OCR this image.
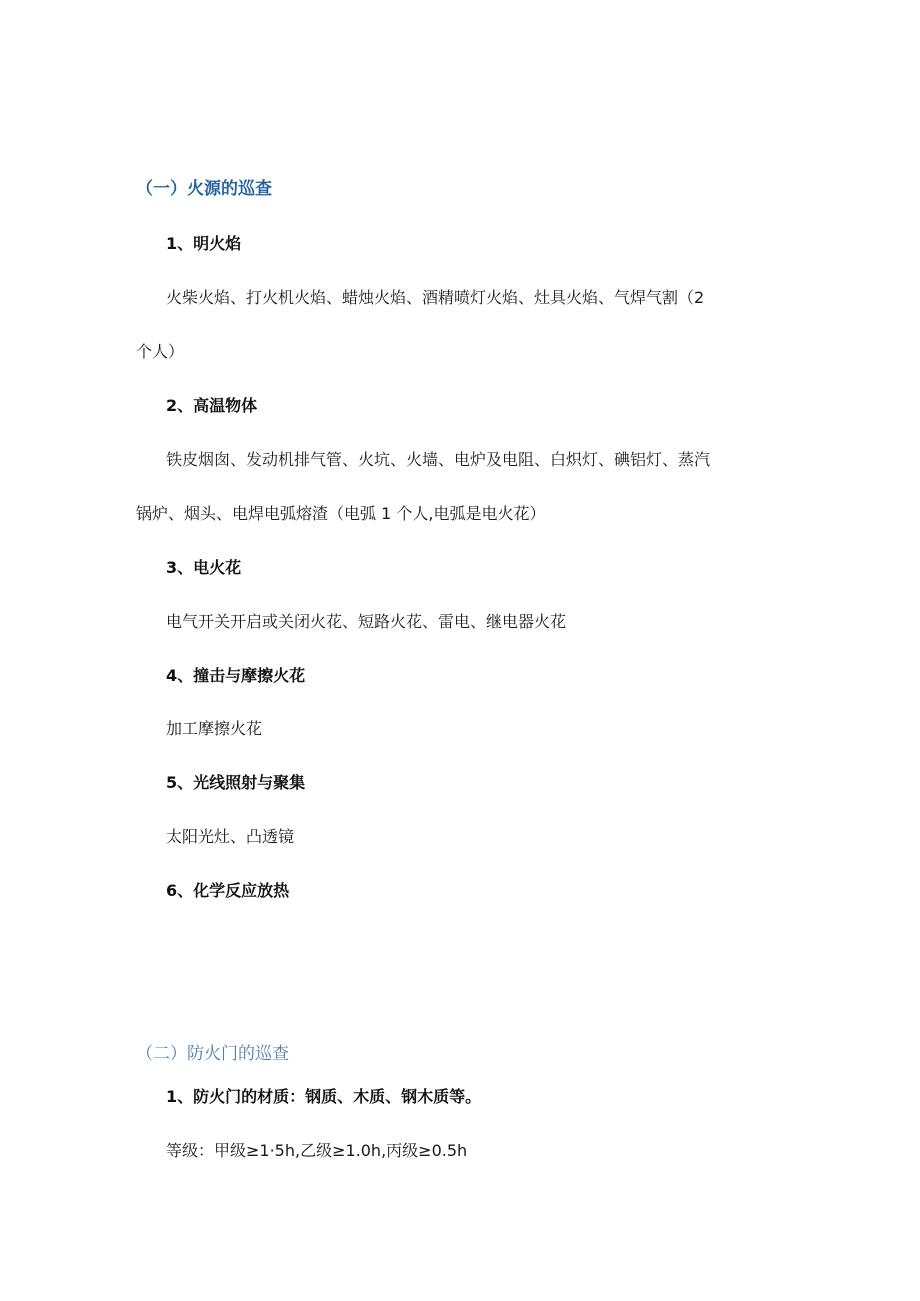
（一）火源的巡查
1、明火焰
火柴火焰、打火机火焰、蜡烛火焰、酒精喷灯火焰、灶具火焰、气焊气割（2
个人）
2、高温物体
铁皮烟囱、发动机排气管、火坑、火墙、电炉及电阻、白炽灯、碘铝灯、蒸汽
锅炉、烟头、电焊电弧熔渣（电弧 1 个人,电弧是电火花）
3、电火花
电气开关开启或关闭火花、短路火花、雷电、继电器火花
4、撞击与摩擦火花
加工摩擦火花
5、光线照射与聚集
太阳光灶、凸透镜
6、化学反应放热
（二）防火门的巡查
1、防火门的材质：钢质、木质、钢木质等。
等级：甲级≥1·5h,乙级≥1.0h,丙级≥0.5h
